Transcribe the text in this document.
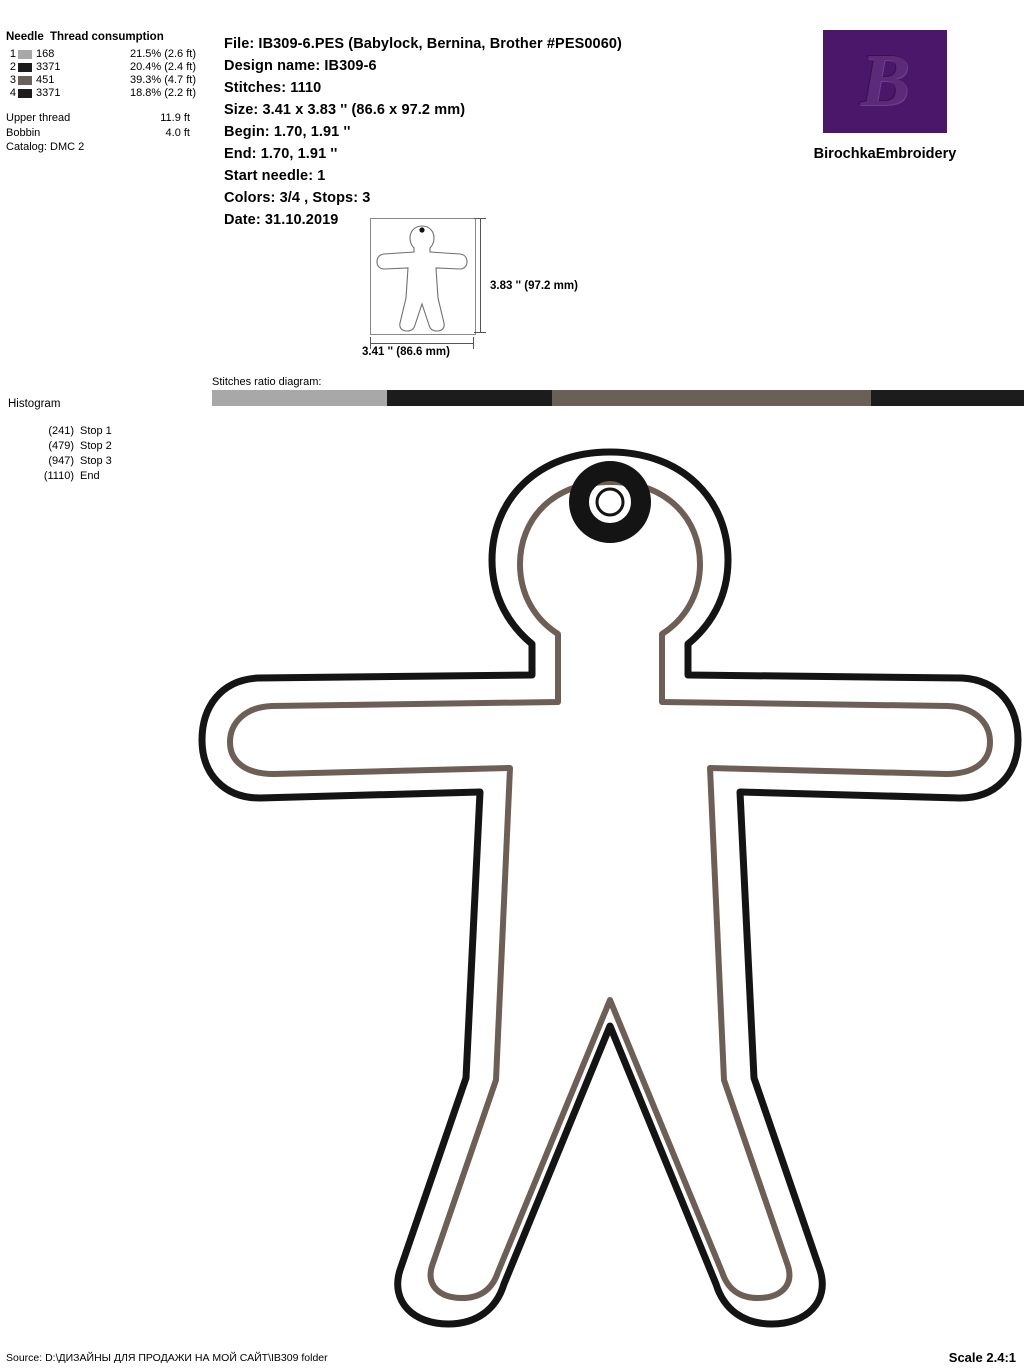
Needle Thread consumption
1 168	21.5% (2.6 ft)
2 3371	20.4% (2.4 ft)
3 451	39.3% (4.7 ft)
4 3371	18.8% (2.2 ft)
Upper thread	11.9 ft
Bobbin	4.0 ft
Catalog: DMC 2
Histogram
(241) Stop 1
(479) Stop 2
(947) Stop 3
(1110) End
File: IB309-6.PES (Babylock, Bernina, Brother #PES0060)
Design name: IB309-6
Stitches: 1110
Size: 3.41 x 3.83 '' (86.6 x 97.2 mm)
Begin: 1.70, 1.91 ''
End: 1.70, 1.91 ''
Start needle: 1
Colors: 3/4 , Stops: 3
Date: 31.10.2019
B
BirochkaEmbroidery
3.83 '' (97.2 mm)
3.41 '' (86.6 mm)
Stitches ratio diagram:
Source: D:\ДИЗАЙНЫ ДЛЯ ПРОДАЖИ НА МОЙ САЙТ\IB309 folder	Scale 2.4:1
